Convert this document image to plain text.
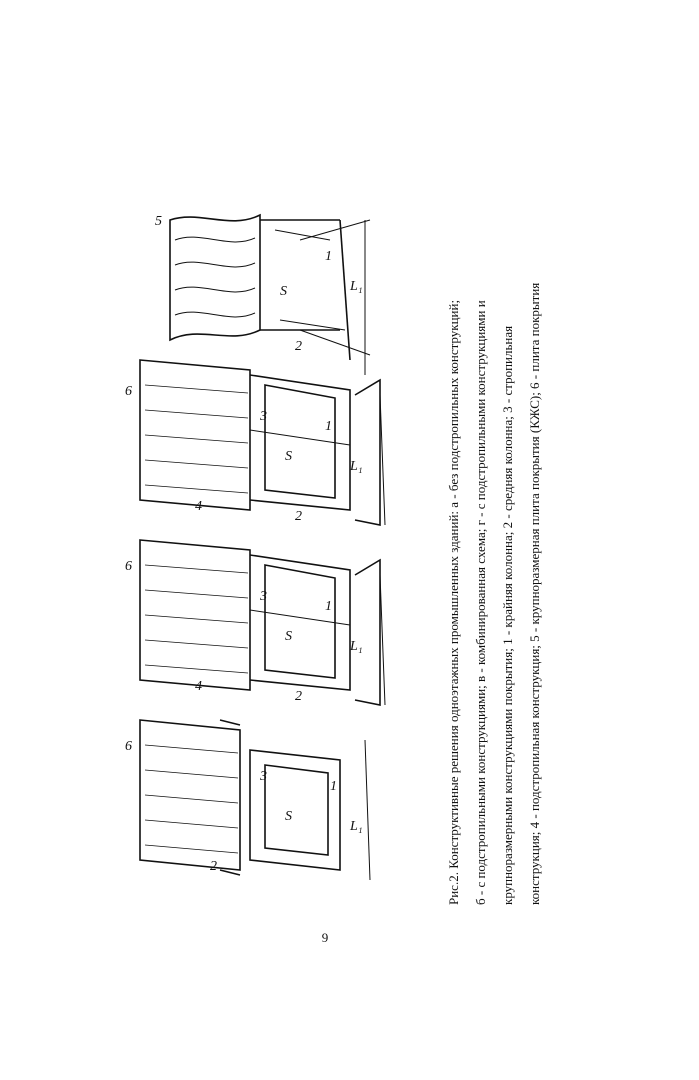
5
6
6
6
1
1
1
1
2
2
2
2
3
3
3
4
4
L₁
L₁
L₁
L₁
S
S
S
S	Рис.2. Конструктивные решения одноэтажных промышленных зданий: а - без подстропильных конструкций; б - с подстропильными конструкциями; в - комбинированная схема; г - с подстропильными конструкциями и крупноразмерными конструкциями покрытия; 1 - крайняя колонна; 2 - средняя колонна; 3 - стропильная конструкция; 4 - подстропильная конструкция; 5 - крупноразмерная плита покрытия (КЖС); 6 - плита покрытия
9
